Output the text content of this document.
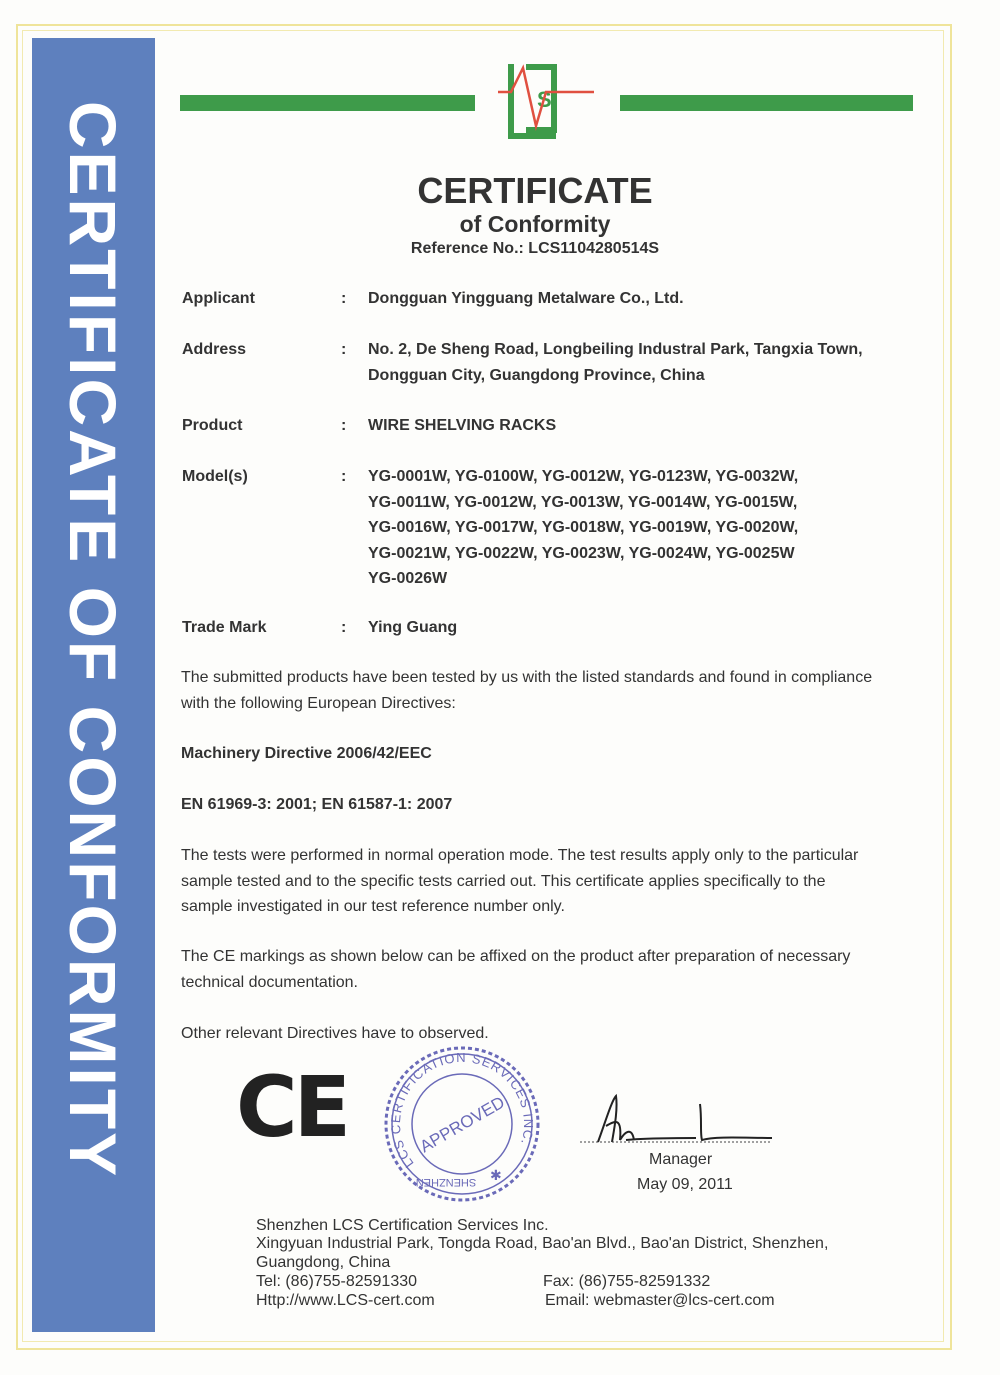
CERTIFICATE OF CONFORMITY
S
CERTIFICATE
of Conformity
Reference No.: LCS1104280514S
Applicant	: Dongguan Yingguang Metalware Co., Ltd.
Address	: No. 2, De Sheng Road, Longbeiling Industral Park, Tangxia Town,
Dongguan City, Guangdong Province, China
Product	: WIRE SHELVING RACKS
Model(s)	: YG-0001W, YG-0100W, YG-0012W, YG-0123W, YG-0032W,
YG-0011W, YG-0012W, YG-0013W, YG-0014W, YG-0015W,
YG-0016W, YG-0017W, YG-0018W, YG-0019W, YG-0020W,
YG-0021W, YG-0022W, YG-0023W, YG-0024W, YG-0025W
YG-0026W
Trade Mark	: Ying Guang
The submitted products have been tested by us with the listed standards and found in compliance
with the following European Directives:
Machinery Directive 2006/42/EEC
EN 61969-3: 2001; EN 61587-1: 2007
The tests were performed in normal operation mode. The test results apply only to the particular
sample tested and to the specific tests carried out. This certificate applies specifically to the
sample investigated in our test reference number only.
The CE markings as shown below can be affixed on the product after preparation of necessary
technical documentation.
Other relevant Directives have to observed.
CE
LCS CERTIFICATION SERVICES INC.
APPROVED
SHENZHEN ✱
Manager
May 09, 2011
Shenzhen LCS Certification Services Inc.
Xingyuan Industrial Park, Tongda Road, Bao'an Blvd., Bao'an District, Shenzhen,
Guangdong, China
Tel: (86)755-82591330	Fax: (86)755-82591332
Http://www.LCS-cert.com	Email: webmaster@lcs-cert.com
